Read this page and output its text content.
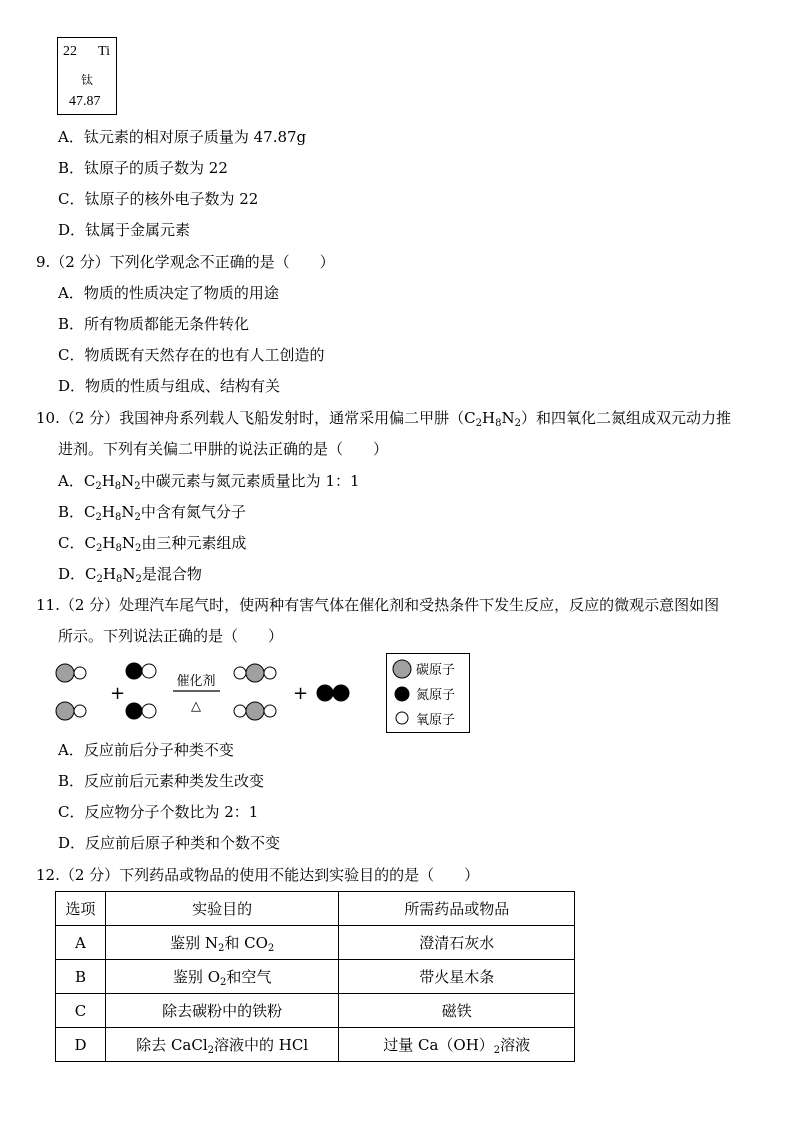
22 Ti
钛
47.87
A．钛元素的相对原子质量为 47.87g
B．钛原子的质子数为 22
C．钛原子的核外电子数为 22
D．钛属于金属元素
9.（2 分）下列化学观念不正确的是（　　）
A．物质的性质决定了物质的用途
B．所有物质都能无条件转化
C．物质既有天然存在的也有人工创造的
D．物质的性质与组成、结构有关
10.（2 分）我国神舟系列载人飞船发射时，通常采用偏二甲肼$(C_2H_8N_2)$和四氧化二氮组成双元动力推
进剂。下列有关偏二甲肼的说法正确的是（　　）
A．$C_2H_8N_2$中碳元素与氮元素质量比为 1：1
B．$C_2H_8N_2$中含有氮气分子
C．$C_2H_8N_2$由三种元素组成
D．$C_2H_8N_2$是混合物
11.（2 分）处理汽车尾气时，使两种有害气体在催化剂和受热条件下发生反应，反应的微观示意图如图
所示。下列说法正确的是（　　）
+
催化剂
△
+
碳原子
氮原子
氧原子
A．反应前后分子种类不变
B．反应前后元素种类发生改变
C．反应物分子个数比为 2：1
D．反应前后原子种类和个数不变
12.（2 分）下列药品或物品的使用不能达到实验目的的是（　　）
选项	实验目的	所需药品或物品
A	鉴别 $N_2$和 $CO_2$	澄清石灰水
B	鉴别 $O_2$和空气	带火星木条
C	除去碳粉中的铁粉	磁铁
D	除去 CaCl$_2$溶液中的 HCl	过量 $Ca(OH)_2$溶液
